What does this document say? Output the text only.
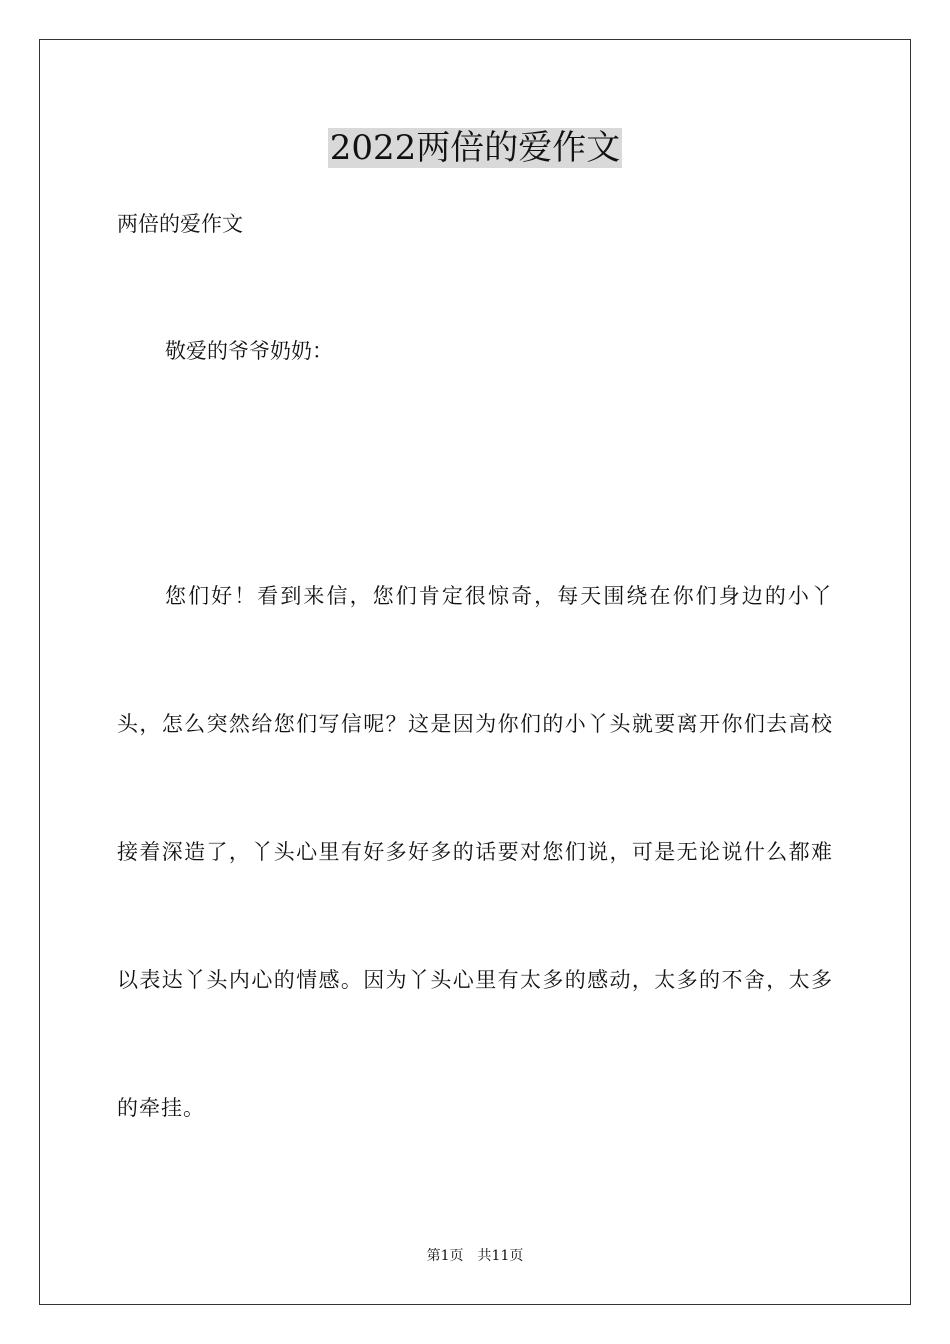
2022两倍的爱作文

两倍的爱作文

敬爱的爷爷奶奶：

您们好！看到来信，您们肯定很惊奇，每天围绕在你们身边的小丫头，怎么突然给您们写信呢？这是因为你们的小丫头就要离开你们去高校接着深造了，丫头心里有好多好多的话要对您们说，可是无论说什么都难以表达丫头内心的情感。因为丫头心里有太多的感动，太多的不舍，太多的牵挂。

第1页 共11页
